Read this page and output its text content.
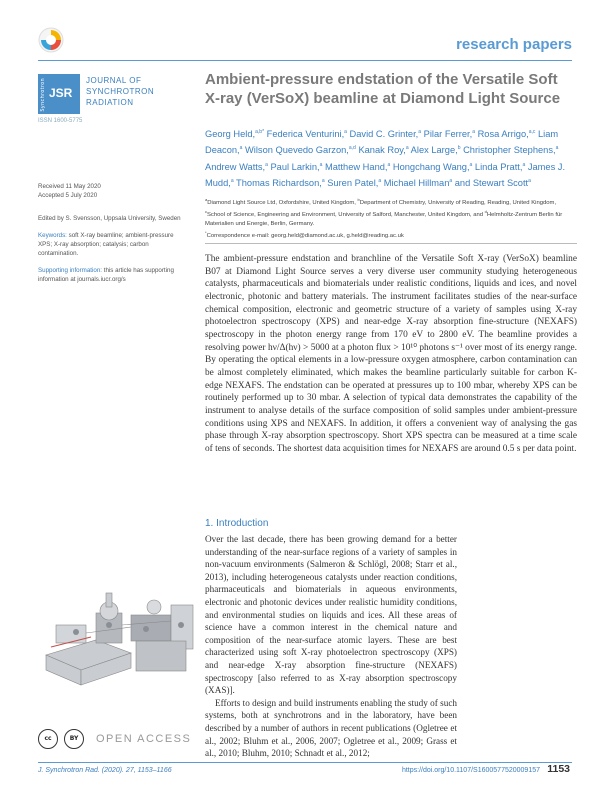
research papers
Synchrotron JSR
JOURNAL OF
SYNCHROTRON
RADIATION
ISSN 1600-5775
Ambient-pressure endstation of the Versatile Soft
X-ray (VerSoX) beamline at Diamond Light Source
Georg Held,$^{a,b*}$ Federica Venturini,$^a$ David C. Grinter,$^a$ Pilar Ferrer,$^a$ Rosa Arrigo,$^{a,c}$ Liam Deacon,$^a$ Wilson Quevedo Garzon,$^{a,d}$ Kanak Roy,$^a$ Alex Large,$^b$ Christopher Stephens,$^a$ Andrew Watts,$^a$ Paul Larkin,$^a$ Matthew Hand,$^a$ Hongchang Wang,$^a$ Linda Pratt,$^a$ James J. Mudd,$^a$ Thomas Richardson,$^a$ Suren Patel,$^a$ Michael Hillman$^a$ and Stewart Scott$^a$

Received 11 May 2020
Accepted 5 July 2020

Edited by S. Svensson, Uppsala University, Sweden

Keywords: soft X-ray beamline; ambient-pressure XPS; X-ray absorption; catalysis; carbon contamination.

Supporting information: this article has supporting information at journals.iucr.org/s

$^a$Diamond Light Source Ltd, Oxfordshire, United Kingdom, $^b$Department of Chemistry, University of Reading, Reading, United Kingdom, $^c$School of Science, Engineering and Environment, University of Salford, Manchester, United Kingdom, and $^d$Helmholtz-Zentrum Berlin für Materialien und Energie, Berlin, Germany.
*Correspondence e-mail: georg.held@diamond.ac.uk, g.held@reading.ac.uk
The ambient-pressure endstation and branchline of the Versatile Soft X-ray (VerSoX) beamline B07 at Diamond Light Source serves a very diverse user community studying heterogeneous catalysts, pharmaceuticals and biomaterials under realistic conditions, liquids and ices, and novel electronic, photonic and battery materials. The instrument facilitates studies of the near-surface chemical composition, electronic and geometric structure of a variety of samples using X-ray photoelectron spectroscopy (XPS) and near-edge X-ray absorption fine-structure (NEXAFS) spectroscopy in the photon energy range from 170 eV to 2800 eV. The beamline provides a resolving power hν/Δ(hν) > 5000 at a photon flux > 10¹⁰ photons s⁻¹ over most of its energy range. By operating the optical elements in a low-pressure oxygen atmosphere, carbon contamination can be almost completely eliminated, which makes the beamline particularly suitable for carbon K-edge NEXAFS. The endstation can be operated at pressures up to 100 mbar, whereby XPS can be routinely performed up to 30 mbar. A selection of typical data demonstrates the capability of the instrument to analyse details of the surface composition of solid samples under ambient-pressure conditions using XPS and NEXAFS. In addition, it offers a convenient way of analysing the gas phase through X-ray absorption spectroscopy. Short XPS spectra can be measured at a time scale of tens of seconds. The shortest data acquisition times for NEXAFS are around 0.5 s per data point.
1. Introduction

Over the last decade, there has been growing demand for a better understanding of the near-surface regions of a variety of samples in non-vacuum environments (Salmeron & Schlögl, 2008; Starr et al., 2013), including heterogeneous catalysts under reaction conditions, pharmaceuticals and biomaterials in aqueous environments, electronic and photonic devices under realistic humidity conditions, and environmental studies on liquids and ices. All these areas of science have a common interest in the chemical nature and composition of the near-surface atomic layers. These are best characterized using soft X-ray photoelectron spectroscopy (XPS) and near-edge X-ray absorption fine-structure (NEXAFS) spectroscopy [also referred to as X-ray absorption spectroscopy (XAS)].

Efforts to design and build instruments enabling the study of such systems, both at synchrotrons and in the laboratory, have been described by a number of authors in recent publications (Ogletree et al., 2002; Bluhm et al., 2006, 2007; Ogletree et al., 2009; Grass et al., 2010; Bluhm, 2010; Schnadt et al., 2012;

cc	BY OPEN ACCESS
J. Synchrotron Rad. (2020). 27, 1153–1166	https://doi.org/10.1107/S1600577520009157 1153
